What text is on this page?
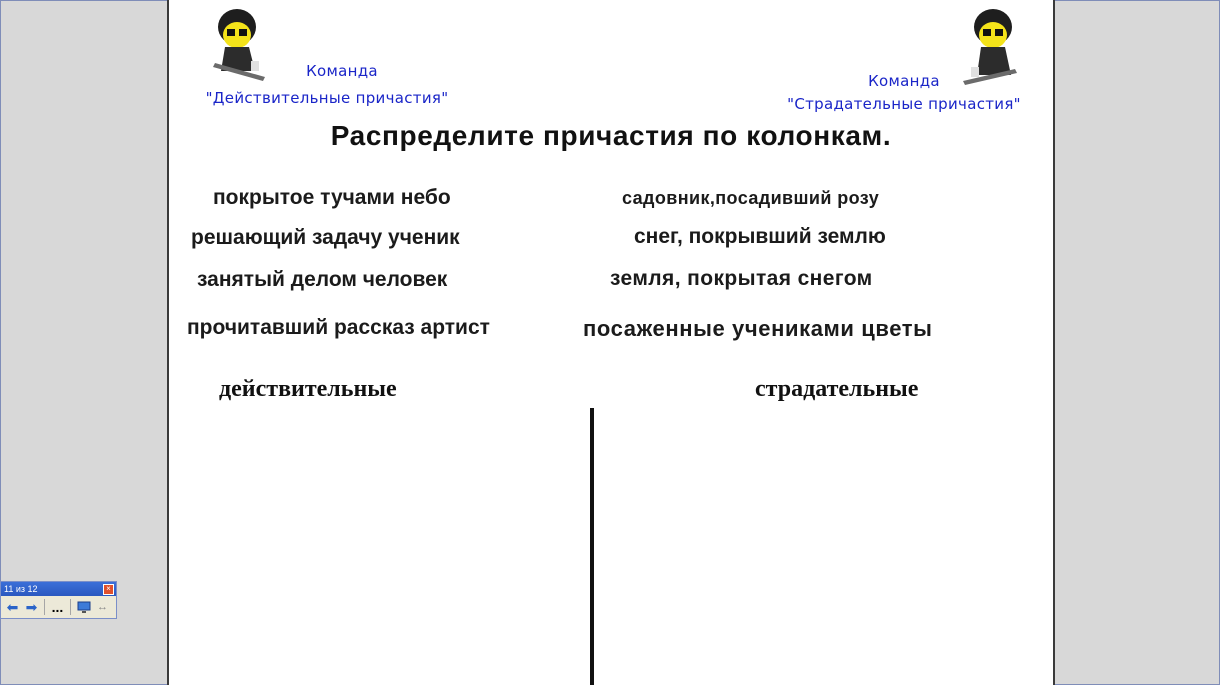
Команда
"Действительные причастия"
Команда
"Страдательные причастия"
Распределите причастия по колонкам.
покрытое тучами небо
решающий задачу ученик
занятый делом человек
прочитавший рассказ артист
садовник,посадивший розу
снег, покрывший землю
земля, покрытая снегом
посаженные учениками цветы
действительные	страдательные
11 из 12	×
⬅ ➡ ...	↔
